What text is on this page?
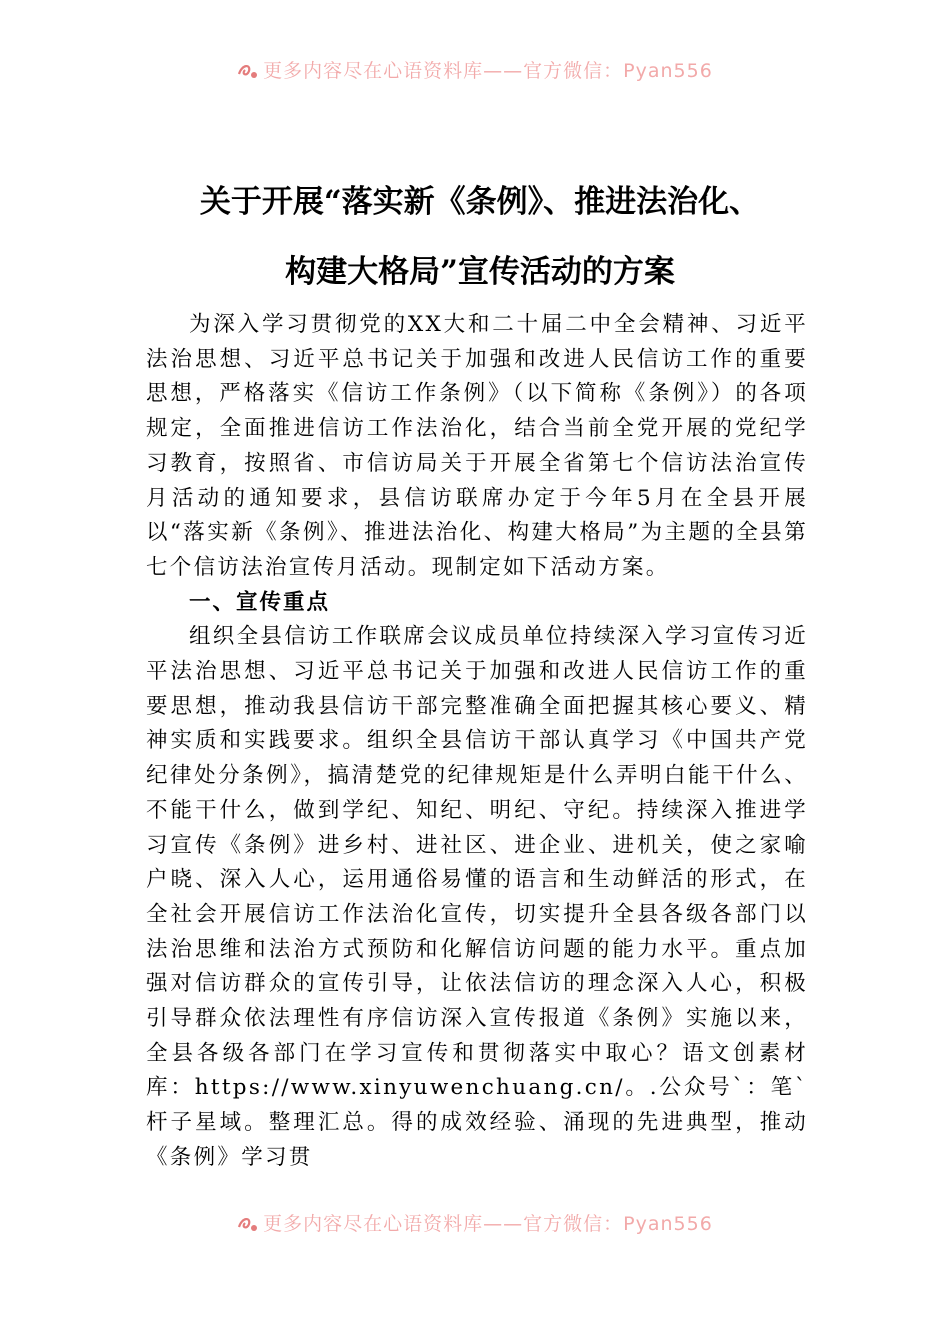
更多内容尽在心语资料库——官方微信：Pyan556
关于开展“落实新《条例》、推进法治化、
构建大格局”宣传活动的方案

为深入学习贯彻党的XX大和二十届二中全会精神、习近平法治思想、习近平总书记关于加强和改进人民信访工作的重要思想，严格落实《信访工作条例》（以下简称《条例》）的各项规定，全面推进信访工作法治化，结合当前全党开展的党纪学习教育，按照省、市信访局关于开展全省第七个信访法治宣传月活动的通知要求，县信访联席办定于今年5月在全县开展以“落实新《条例》、推进法治化、构建大格局”为主题的全县第七个信访法治宣传月活动。现制定如下活动方案。

一、宣传重点

组织全县信访工作联席会议成员单位持续深入学习宣传习近平法治思想、习近平总书记关于加强和改进人民信访工作的重要思想，推动我县信访干部完整准确全面把握其核心要义、精神实质和实践要求。组织全县信访干部认真学习《中国共产党纪律处分条例》，搞清楚党的纪律规矩是什么弄明白能干什么、不能干什么，做到学纪、知纪、明纪、守纪。持续深入推进学习宣传《条例》进乡村、进社区、进企业、进机关，使之家喻户晓、深入人心，运用通俗易懂的语言和生动鲜活的形式，在全社会开展信访工作法治化宣传，切实提升全县各级各部门以法治思维和法治方式预防和化解信访问题的能力水平。重点加强对信访群众的宣传引导，让依法信访的理念深入人心，积极引导群众依法理性有序信访深入宣传报道《条例》实施以来，全县各级各部门在学习宣传和贯彻落实中取心？语文创素材库：https://www.xinyuwenchuang.cn/。.公众号`：笔`杆子星域。整理汇总。得的成效经验、涌现的先进典型，推动《条例》学习贯

更多内容尽在心语资料库——官方微信：Pyan556
